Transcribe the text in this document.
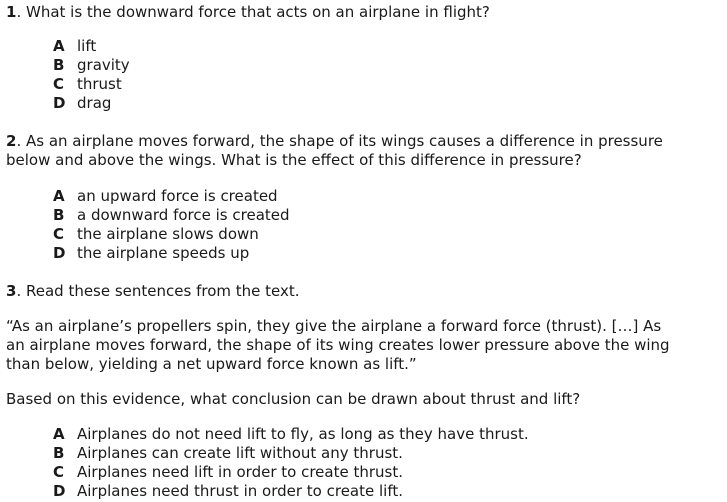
1. What is the downward force that acts on an airplane in flight?
A lift
B gravity
C thrust
D drag
2. As an airplane moves forward, the shape of its wings causes a difference in pressure
below and above the wings. What is the effect of this difference in pressure?
A an upward force is created
B a downward force is created
C the airplane slows down
D the airplane speeds up
3. Read these sentences from the text.
“As an airplane’s propellers spin, they give the airplane a forward force (thrust). […] As
an airplane moves forward, the shape of its wing creates lower pressure above the wing
than below, yielding a net upward force known as lift.”
Based on this evidence, what conclusion can be drawn about thrust and lift?
A Airplanes do not need lift to fly, as long as they have thrust.
B Airplanes can create lift without any thrust.
C Airplanes need lift in order to create thrust.
D Airplanes need thrust in order to create lift.
